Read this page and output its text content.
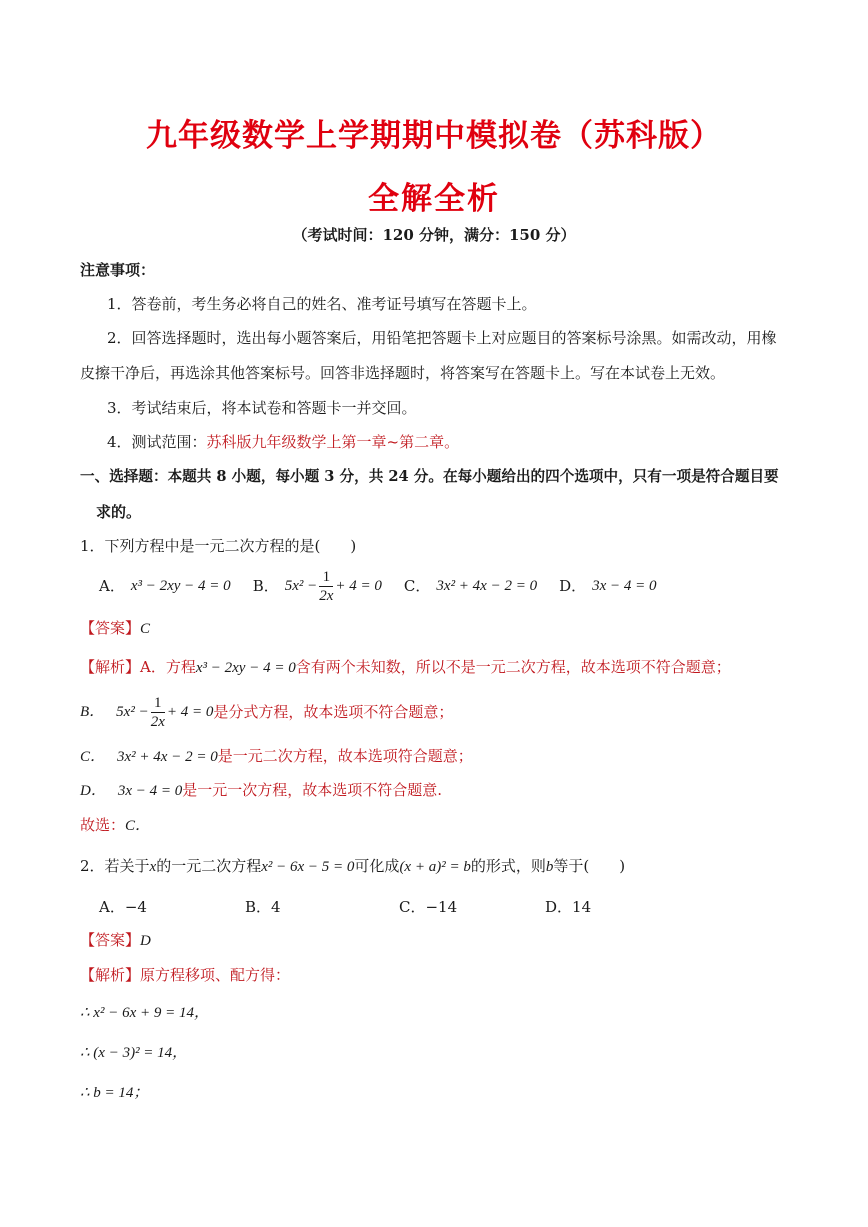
九年级数学上学期期中模拟卷（苏科版）
全解全析
（考试时间：120 分钟，满分：150 分）
注意事项：
1．答卷前，考生务必将自己的姓名、准考证号填写在答题卡上。
2．回答选择题时，选出每小题答案后，用铅笔把答题卡上对应题目的答案标号涂黑。如需改动，用橡
皮擦干净后，再选涂其他答案标号。回答非选择题时，将答案写在答题卡上。写在本试卷上无效。
3．考试结束后，将本试卷和答题卡一并交回。
4．测试范围：苏科版九年级数学上第一章~第二章。
一、选择题：本题共 8 小题，每小题 3 分，共 24 分。在每小题给出的四个选项中，只有一项是符合题目要
求的。
1．下列方程中是一元二次方程的是(　　)
A． x³ − 2xy − 4 = 0 B． $5x^2 - \frac{1}{2x} + 4 = 0$ C． 3x² + 4x − 2 = 0 D． 3x − 4 = 0
【答案】C
【解析】A．方程x³ − 2xy − 4 = 0含有两个未知数，所以不是一元二次方程，故本选项不符合题意；
B． $5x^2 - \frac{1}{2x} + 4 = 0$ 是分式方程，故本选项不符合题意；
C． 3x² + 4x − 2 = 0是一元二次方程，故本选项符合题意；
D． 3x − 4 = 0是一元一次方程，故本选项不符合题意.
故选：C．
2．若关于x的一元二次方程x² − 6x − 5 = 0可化成(x + a)² = b的形式，则b等于(　　)
A．−4	B．4	C．−14	D．14
【答案】D
【解析】原方程移项、配方得：
∴ x² − 6x + 9 = 14，
∴ (x − 3)² = 14，
∴ b = 14；
